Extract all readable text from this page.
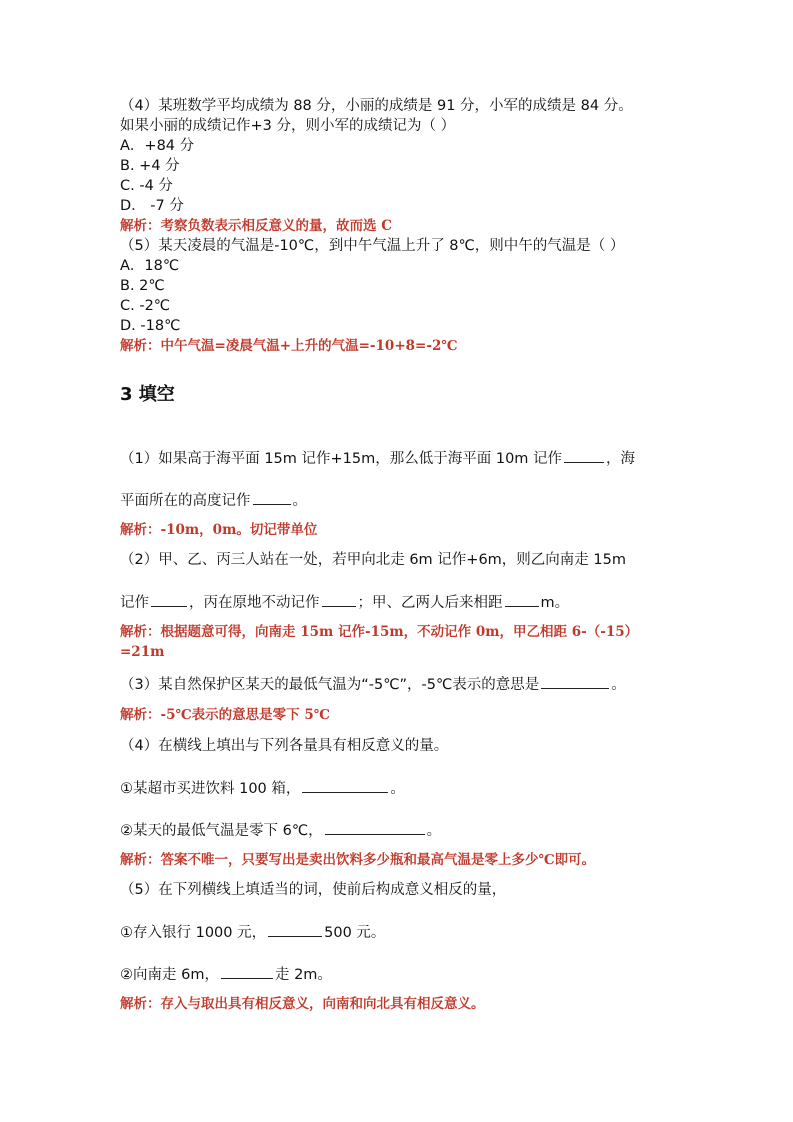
（4）某班数学平均成绩为 88 分，小丽的成绩是 91 分，小军的成绩是 84 分。
如果小丽的成绩记作+3 分，则小军的成绩记为（ ）
A．+84 分
B. +4 分
C. -4 分
D． -7 分
解析：考察负数表示相反意义的量，故而选 C
（5）某天凌晨的气温是-10℃，到中午气温上升了 8℃，则中午的气温是（ ）
A．18℃
B. 2℃
C. -2℃
D. -18℃
解析：中午气温=凌晨气温+上升的气温=-10+8=-2℃
3 填空
（1）如果高于海平面 15m 记作+15m，那么低于海平面 10m 记作	，海
平面所在的高度记作	。
解析：-10m，0m。切记带单位
（2）甲、乙、丙三人站在一处，若甲向北走 6m 记作+6m，则乙向南走 15m
记作	，丙在原地不动记作	；甲、乙两人后来相距	m。
解析：根据题意可得，向南走 15m 记作-15m，不动记作 0m，甲乙相距 6-（-15）
=21m
（3）某自然保护区某天的最低气温为“-5℃”，-5℃表示的意思是	。
解析：-5℃表示的意思是零下 5℃
（4）在横线上填出与下列各量具有相反意义的量。
①某超市买进饮料 100 箱，	。
②某天的最低气温是零下 6℃，	。
解析：答案不唯一，只要写出是卖出饮料多少瓶和最高气温是零上多少℃即可。
（5）在下列横线上填适当的词，使前后构成意义相反的量，
①存入银行 1000 元，	500 元。
②向南走 6m，	走 2m。
解析：存入与取出具有相反意义，向南和向北具有相反意义。
